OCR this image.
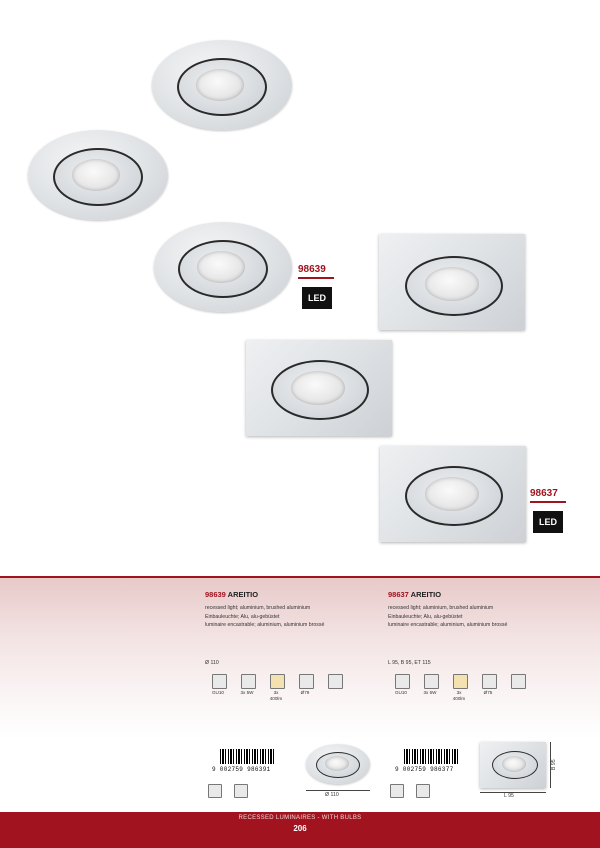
98639
LED
98637
LED
98639 AREITIO
recessed light; aluminium, brushed aluminium
Einbauleuchte; Alu, alu-gebüstet
luminaire encastrable; aluminium, aluminium brossé
Ø 110
GU10	3x 5W	3x
400lm
Ø79
9 002759 986391
Ø 110
98637 AREITIO
recessed light; aluminium, brushed aluminium
Einbauleuchte; Alu, alu-gebüstet
luminaire encastrable; aluminium, aluminium brossé
L 95, B 95, ET 115
GU10	3x 5W	3x
400lm
Ø75
9 002759 986377
L 95
B 95
RECESSED LUMINAIRES - WITH BULBS
206
